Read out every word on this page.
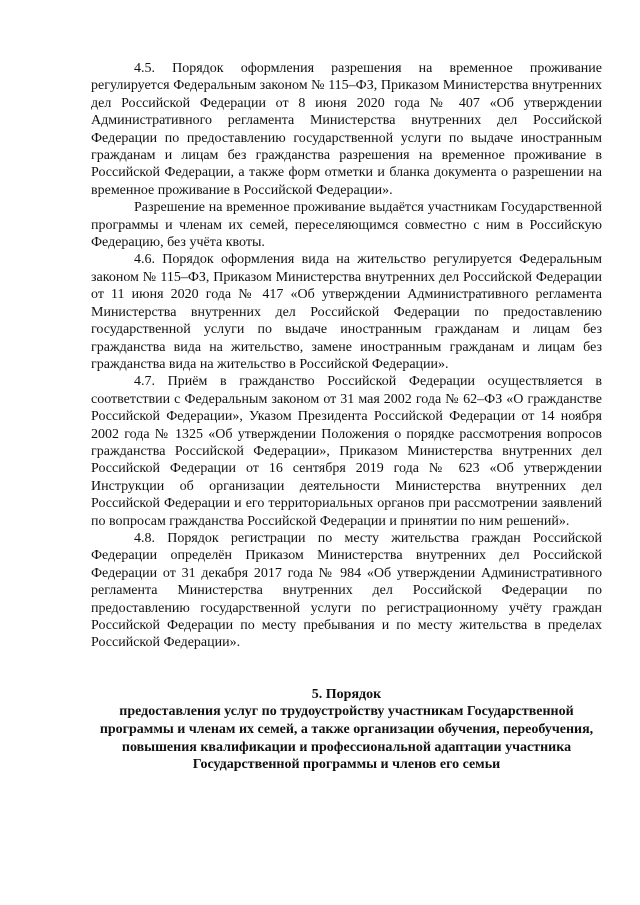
4.5. Порядок оформления разрешения на временное проживание регулируется Федеральным законом № 115–ФЗ, Приказом Министерства внутренних дел Российской Федерации от 8 июня 2020 года № 407 «Об утверждении Административного регламента Министерства внутренних дел Российской Федерации по предоставлению государственной услуги по выдаче иностранным гражданам и лицам без гражданства разрешения на временное проживание в Российской Федерации, а также форм отметки и бланка документа о разрешении на временное проживание в Российской Федерации».

Разрешение на временное проживание выдаётся участникам Государственной программы и членам их семей, переселяющимся совместно с ним в Российскую Федерацию, без учёта квоты.

4.6. Порядок оформления вида на жительство регулируется Федеральным законом № 115–ФЗ, Приказом Министерства внутренних дел Российской Федерации от 11 июня 2020 года № 417 «Об утверждении Административного регламента Министерства внутренних дел Российской Федерации по предоставлению государственной услуги по выдаче иностранным гражданам и лицам без гражданства вида на жительство, замене иностранным гражданам и лицам без гражданства вида на жительство в Российской Федерации».

4.7. Приём в гражданство Российской Федерации осуществляется в соответствии с Федеральным законом от 31 мая 2002 года № 62–ФЗ «О гражданстве Российской Федерации», Указом Президента Российской Федерации от 14 ноября 2002 года № 1325 «Об утверждении Положения о порядке рассмотрения вопросов гражданства Российской Федерации», Приказом Министерства внутренних дел Российской Федерации от 16 сентября 2019 года № 623 «Об утверждении Инструкции об организации деятельности Министерства внутренних дел Российской Федерации и его территориальных органов при рассмотрении заявлений по вопросам гражданства Российской Федерации и принятии по ним решений».

4.8. Порядок регистрации по месту жительства граждан Российской Федерации определён Приказом Министерства внутренних дел Российской Федерации от 31 декабря 2017 года № 984 «Об утверждении Административного регламента Министерства внутренних дел Российской Федерации по предоставлению государственной услуги по регистрационному учёту граждан Российской Федерации по месту пребывания и по месту жительства в пределах Российской Федерации».

5. Порядок
предоставления услуг по трудоустройству участникам Государственной программы и членам их семей, а также организации обучения, переобучения, повышения квалификации и профессиональной адаптации участника Государственной программы и членов его семьи
